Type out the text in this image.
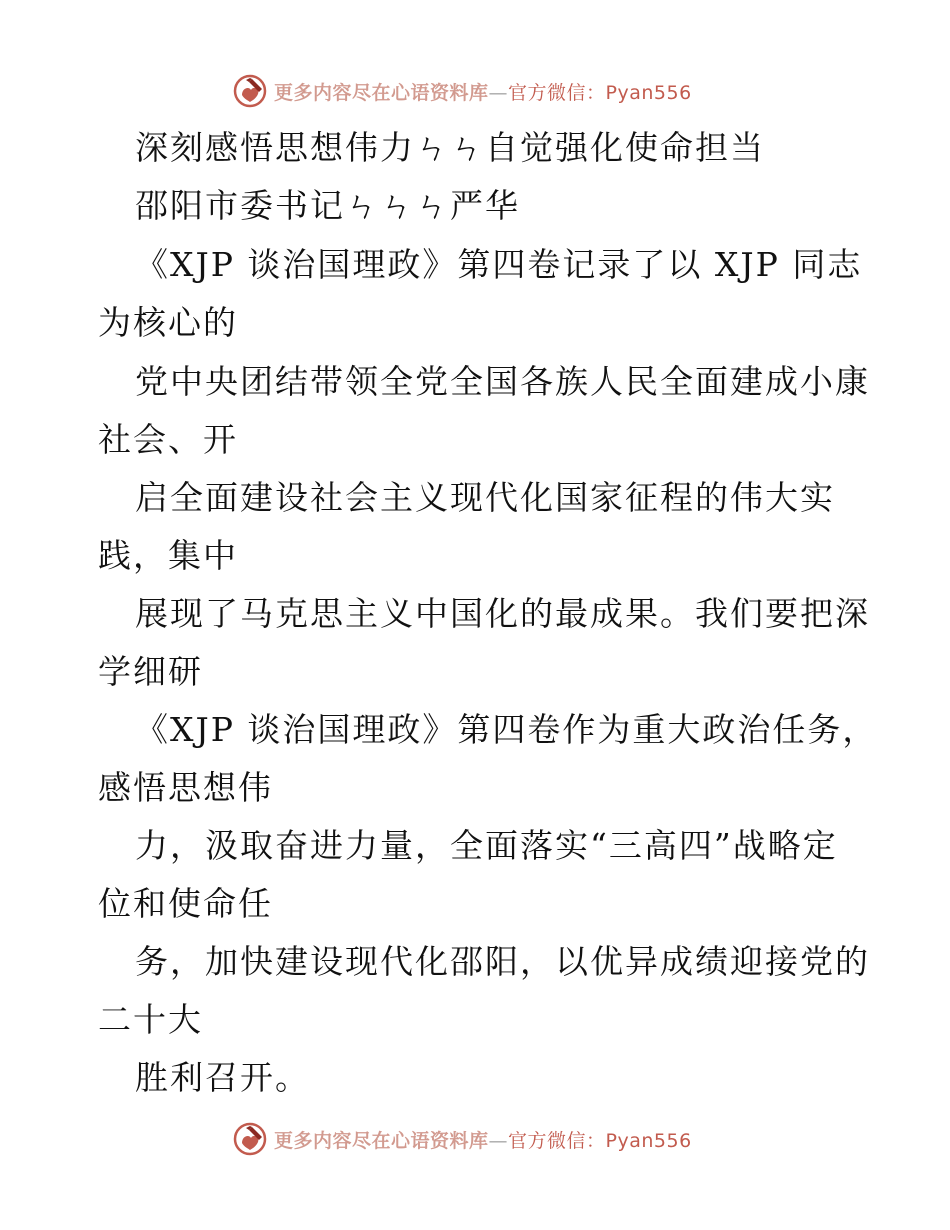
更多内容尽在心语资料库—官方微信：Pyan556
深刻感悟思想伟力ㄣㄣ自觉强化使命担当
邵阳市委书记ㄣㄣㄣ严华
《XJP 谈治国理政》第四卷记录了以 XJP 同志
为核心的
党中央团结带领全党全国各族人民全面建成小康
社会、开
启全面建设社会主义现代化国家征程的伟大实
践，集中
展现了马克思主义中国化的最成果。我们要把深
学细研
《XJP 谈治国理政》第四卷作为重大政治任务，
感悟思想伟
力，汲取奋进力量，全面落实“三高四”战略定
位和使命任
务，加快建设现代化邵阳，以优异成绩迎接党的
二十大
胜利召开。
更多内容尽在心语资料库—官方微信：Pyan556
